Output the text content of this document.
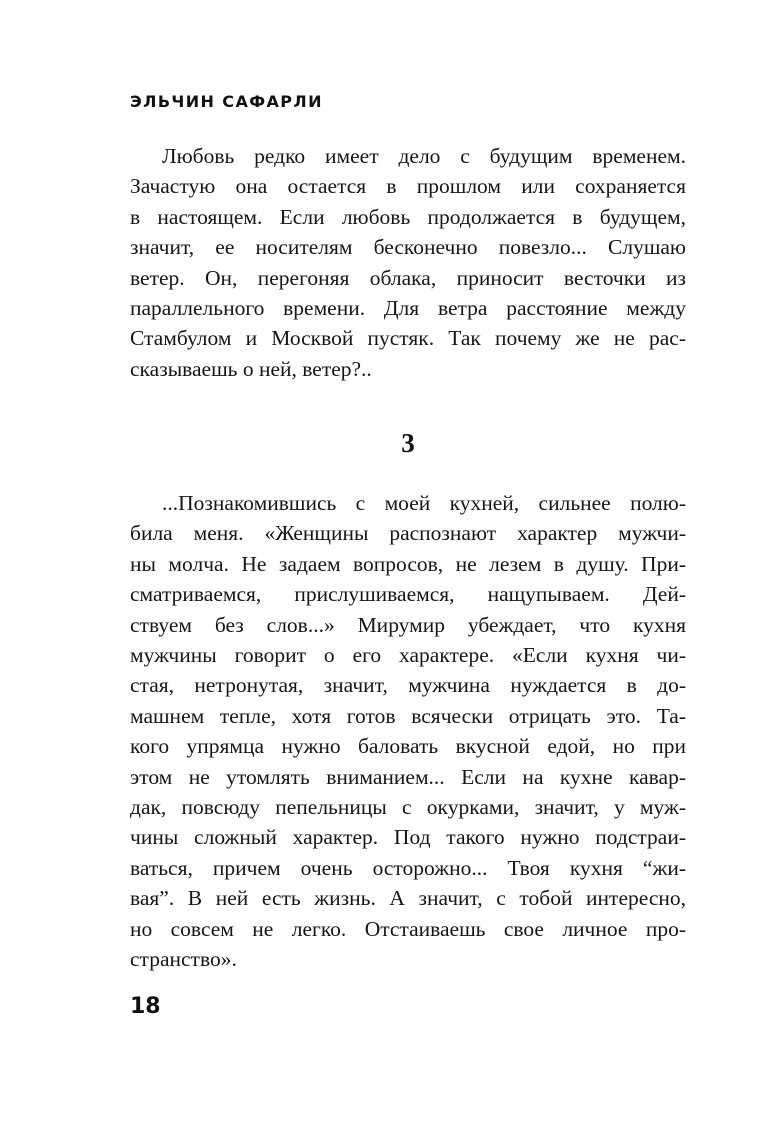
ЭЛЬЧИН САФАРЛИ
Любовь редко имеет дело с будущим временем.
Зачастую она остается в прошлом или сохраняется
в настоящем. Если любовь продолжается в будущем,
значит, ее носителям бесконечно повезло... Слушаю
ветер. Он, перегоняя облака, приносит весточки из
параллельного времени. Для ветра расстояние между
Стамбулом и Москвой пустяк. Так почему же не рас-
сказываешь о ней, ветер?..
3
...Познакомившись с моей кухней, сильнее полю-
била меня. «Женщины распознают характер мужчи-
ны молча. Не задаем вопросов, не лезем в душу. При-
сматриваемся, прислушиваемся, нащупываем. Дей-
ствуем без слов...» Мирумир убеждает, что кухня
мужчины говорит о его характере. «Если кухня чи-
стая, нетронутая, значит, мужчина нуждается в до-
машнем тепле, хотя готов всячески отрицать это. Та-
кого упрямца нужно баловать вкусной едой, но при
этом не утомлять вниманием... Если на кухне кавар-
дак, повсюду пепельницы с окурками, значит, у муж-
чины сложный характер. Под такого нужно подстраи-
ваться, причем очень осторожно... Твоя кухня “жи-
вая”. В ней есть жизнь. А значит, с тобой интересно,
но совсем не легко. Отстаиваешь свое личное про-
странство».
18
